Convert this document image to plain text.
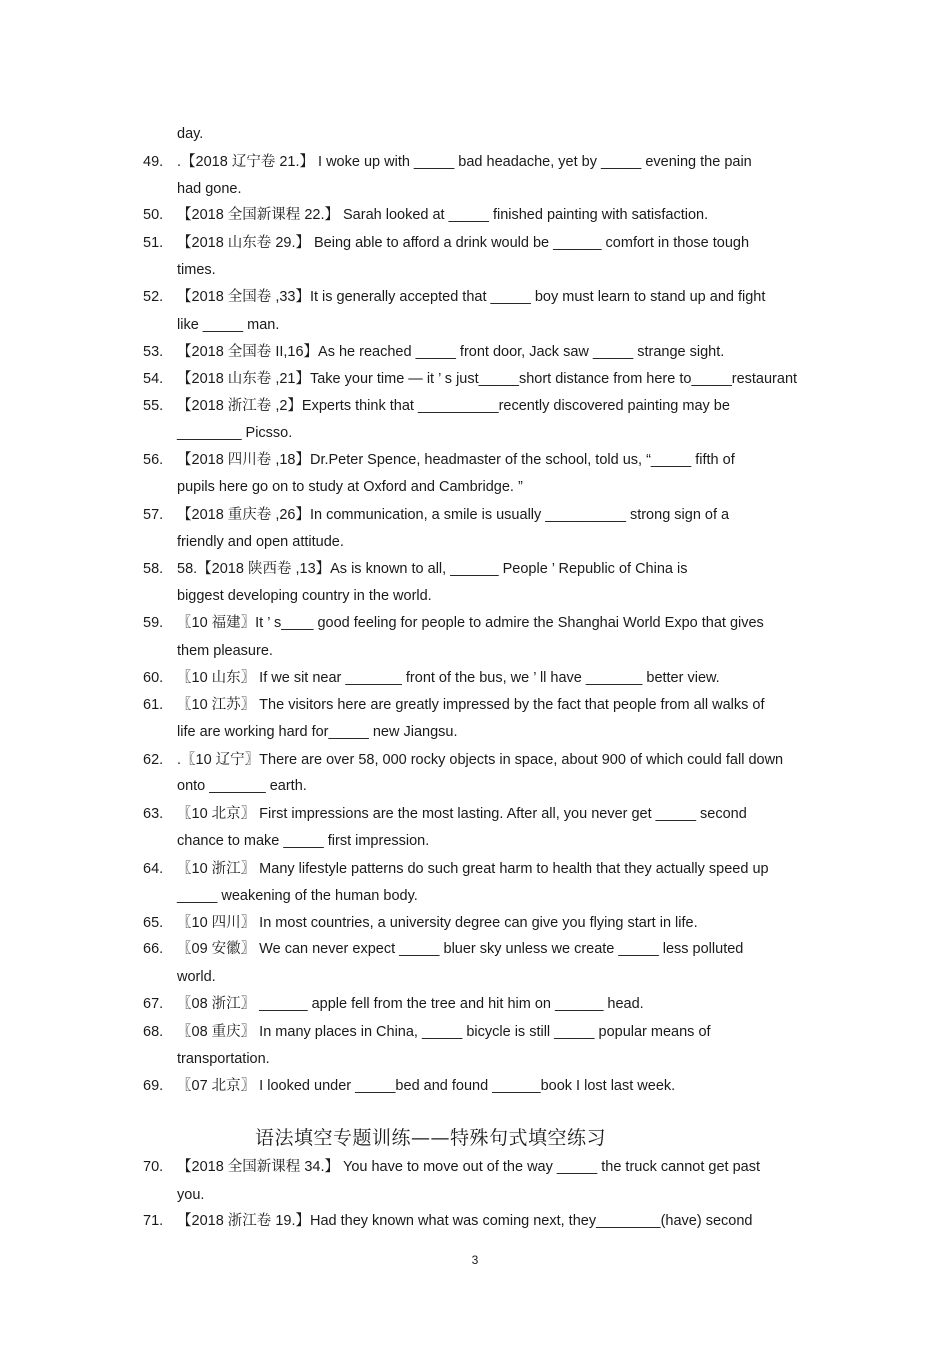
day.
49. .【2018 辽宁卷 21.】 I woke up with _____ bad headache, yet by _____ evening the pain
had gone.
50. 【2018 全国新课程 22.】 Sarah looked at _____ finished painting with satisfaction.
51. 【2018 山东卷 29.】 Being able to afford a drink would be ______ comfort in those tough
times.
52. 【2018 全国卷 ,33】It is generally accepted that _____ boy must learn to stand up and fight
like _____ man.
53. 【2018 全国卷 II,16】As he reached _____ front door, Jack saw _____ strange sight.
54. 【2018 山东卷 ,21】Take your time — it ’ s just_____short distance from here to_____restaurant
55. 【2018 浙江卷 ,2】Experts think that __________recently discovered painting may be
________ Picsso.
56. 【2018 四川卷 ,18】Dr.Peter Spence, headmaster of the school, told us, “_____ fifth of
pupils here go on to study at Oxford and Cambridge. ”
57. 【2018 重庆卷 ,26】In communication, a smile is usually __________ strong sign of a
friendly and open attitude.
58. 58.【2018 陕西卷 ,13】As is known to all, ______ People ’ Republic of China is
biggest developing country in the world.
59. 〖10 福建〗It ’ s____ good feeling for people to admire the Shanghai World Expo that gives
them pleasure.
60. 〖10 山东〗 If we sit near _______ front of the bus, we ’ ll have _______ better view.
61. 〖10 江苏〗 The visitors here are greatly impressed by the fact that people from all walks of
life are working hard for_____ new Jiangsu.
62. .〖10 辽宁〗There are over 58, 000 rocky objects in space, about 900 of which could fall down
onto _______ earth.
63. 〖10 北京〗 First impressions are the most lasting. After all, you never get _____ second
chance to make _____ first impression.
64. 〖10 浙江〗 Many lifestyle patterns do such great harm to health that they actually speed up
_____ weakening of the human body.
65. 〖10 四川〗 In most countries, a university degree can give you flying start in life.
66. 〖09 安徽〗 We can never expect _____ bluer sky unless we create _____ less polluted
world.
67. 〖08 浙江〗 ______ apple fell from the tree and hit him on ______ head.
68. 〖08 重庆〗 In many places in China, _____ bicycle is still _____ popular means of
transportation.
69. 〖07 北京〗 I looked under _____bed and found ______book I lost last week.
语法填空专题训练——特殊句式填空练习
70. 【2018 全国新课程 34.】 You have to move out of the way _____ the truck cannot get past
you.
71. 【2018 浙江卷 19.】Had they known what was coming next, they________(have) second
3
